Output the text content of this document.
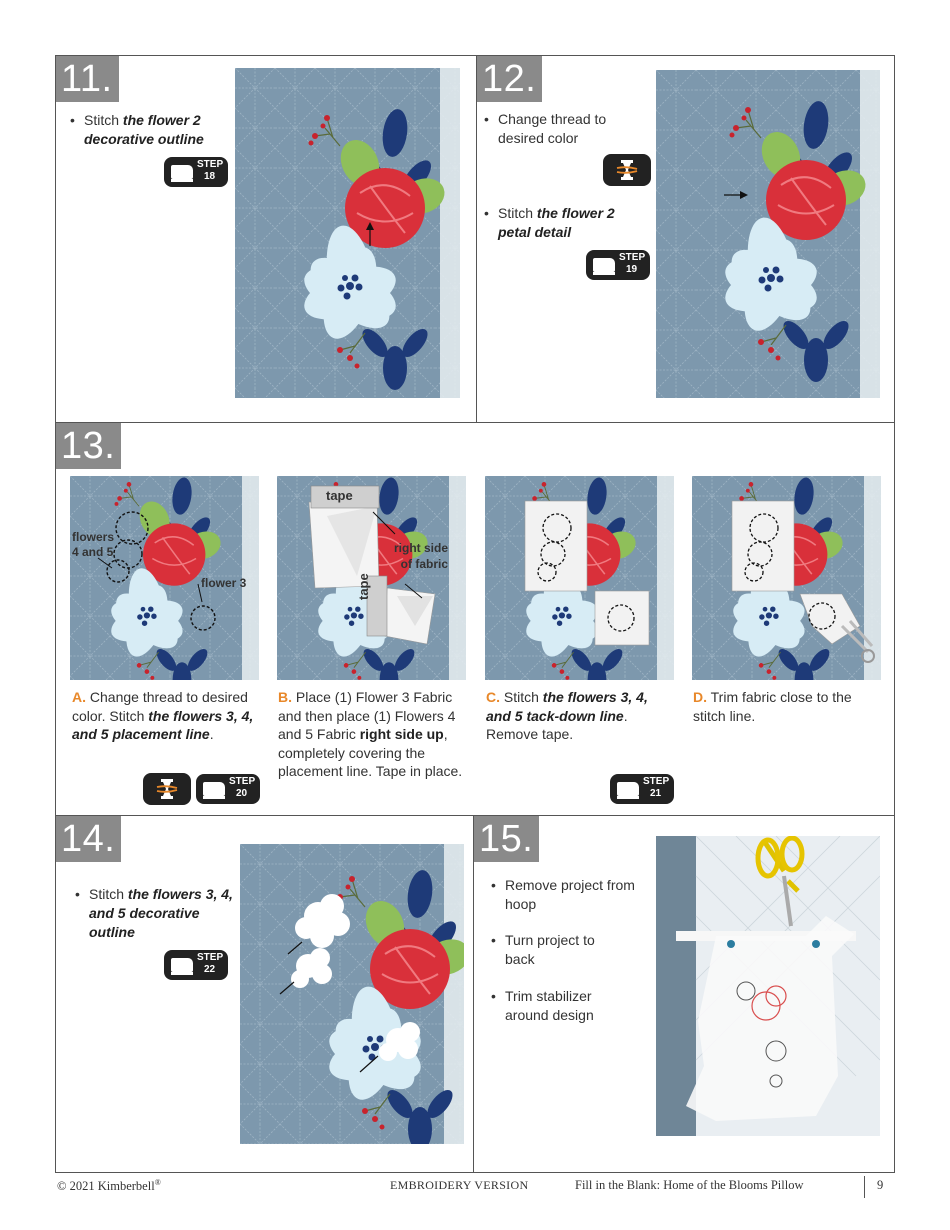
11.
• Stitch the flower 2 decorative outline
STEP
18
12.
• Change thread to desired color
• Stitch the flower 2 petal detail
STEP
19
13.
flowers 4 and 5
flower 3
tape
tape
right side of fabric
A. Change thread to desired color. Stitch the flowers 3, 4, and 5 placement line.
B. Place (1) Flower 3 Fabric and then place (1) Flowers 4 and 5 Fabric right side up, completely covering the placement line. Tape in place.
C. Stitch the flowers 3, 4, and 5 tack-down line. Remove tape.
D. Trim fabric close to the stitch line.
STEP
20
STEP
21
14.
• Stitch the flowers 3, 4, and 5 decorative outline
STEP
22
15.
• Remove project from hoop
• Turn project to back
• Trim stabilizer around design
© 2021 Kimberbell®	EMBROIDERY VERSION	Fill in the Blank: Home of the Blooms Pillow	9
